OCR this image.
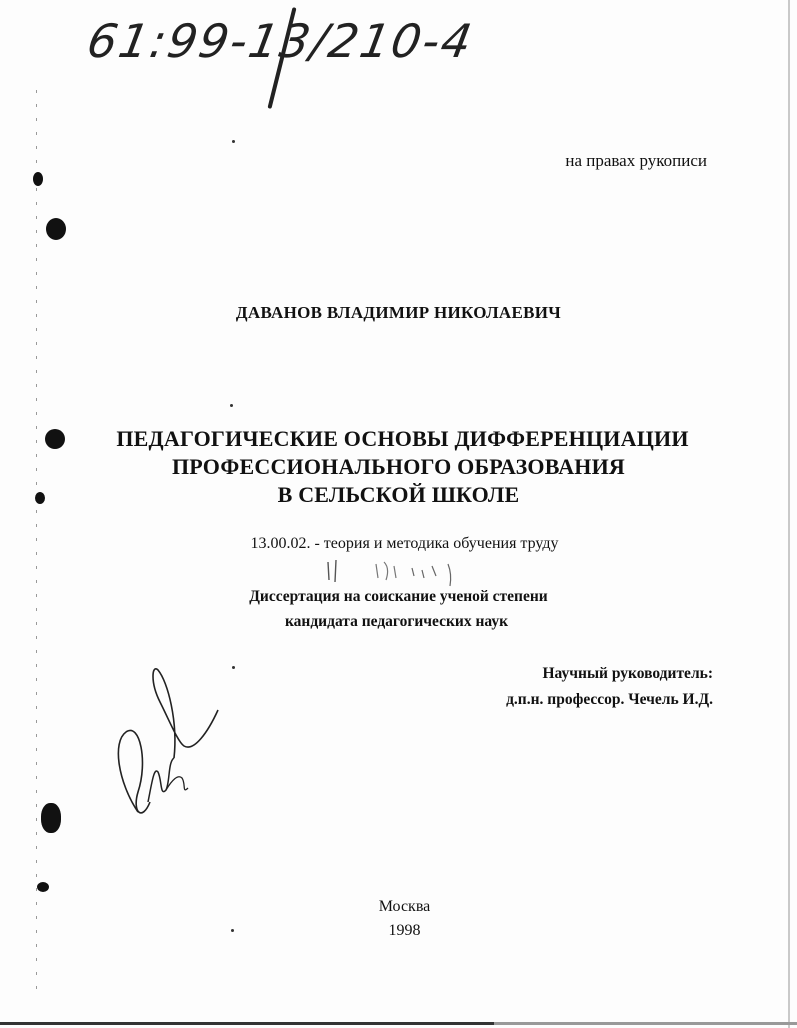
61:99-13/210-4
на правах рукописи
ДАВАНОВ ВЛАДИМИР НИКОЛАЕВИЧ
ПЕДАГОГИЧЕСКИЕ ОСНОВЫ ДИФФЕРЕНЦИАЦИИ
ПРОФЕССИОНАЛЬНОГО ОБРАЗОВАНИЯ
В СЕЛЬСКОЙ ШКОЛЕ
13.00.02. - теория и методика обучения труду
Диссертация на соискание ученой степени
кандидата педагогических наук
Научный руководитель:
д.п.н. профессор. Чечель И.Д.
Москва
1998
